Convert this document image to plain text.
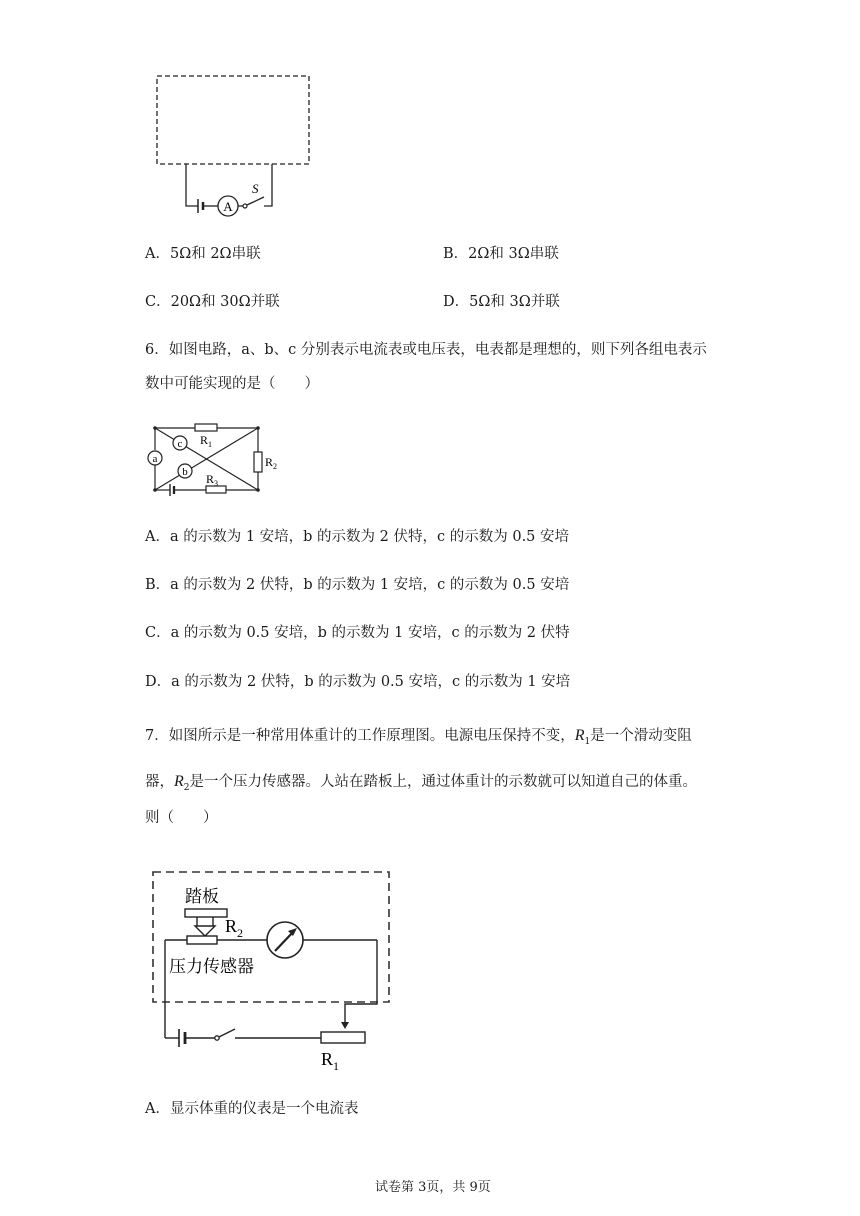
A
S
A．5Ω和 2Ω串联	B．2Ω和 3Ω串联
C．20Ω和 30Ω并联	D．5Ω和 3Ω并联
6．如图电路，a、b、c 分别表示电流表或电压表，电表都是理想的，则下列各组电表示
数中可能实现的是（　　）
$R_1$
$R_2$
a
$R_3$
c
b
A．a 的示数为 1 安培，b 的示数为 2 伏特，c 的示数为 0.5 安培
B．a 的示数为 2 伏特，b 的示数为 1 安培，c 的示数为 0.5 安培
C．a 的示数为 0.5 安培，b 的示数为 1 安培，c 的示数为 2 伏特
D．a 的示数为 2 伏特，b 的示数为 0.5 安培，c 的示数为 1 安培
7．如图所示是一种常用体重计的工作原理图。电源电压保持不变，$R_1$是一个滑动变阻
器，$R_2$是一个压力传感器。人站在踏板上，通过体重计的示数就可以知道自己的体重。
则（　　）
踏板
$R_2$
压力传感器
$R_1$
A．显示体重的仪表是一个电流表
试卷第 3页，共 9页
